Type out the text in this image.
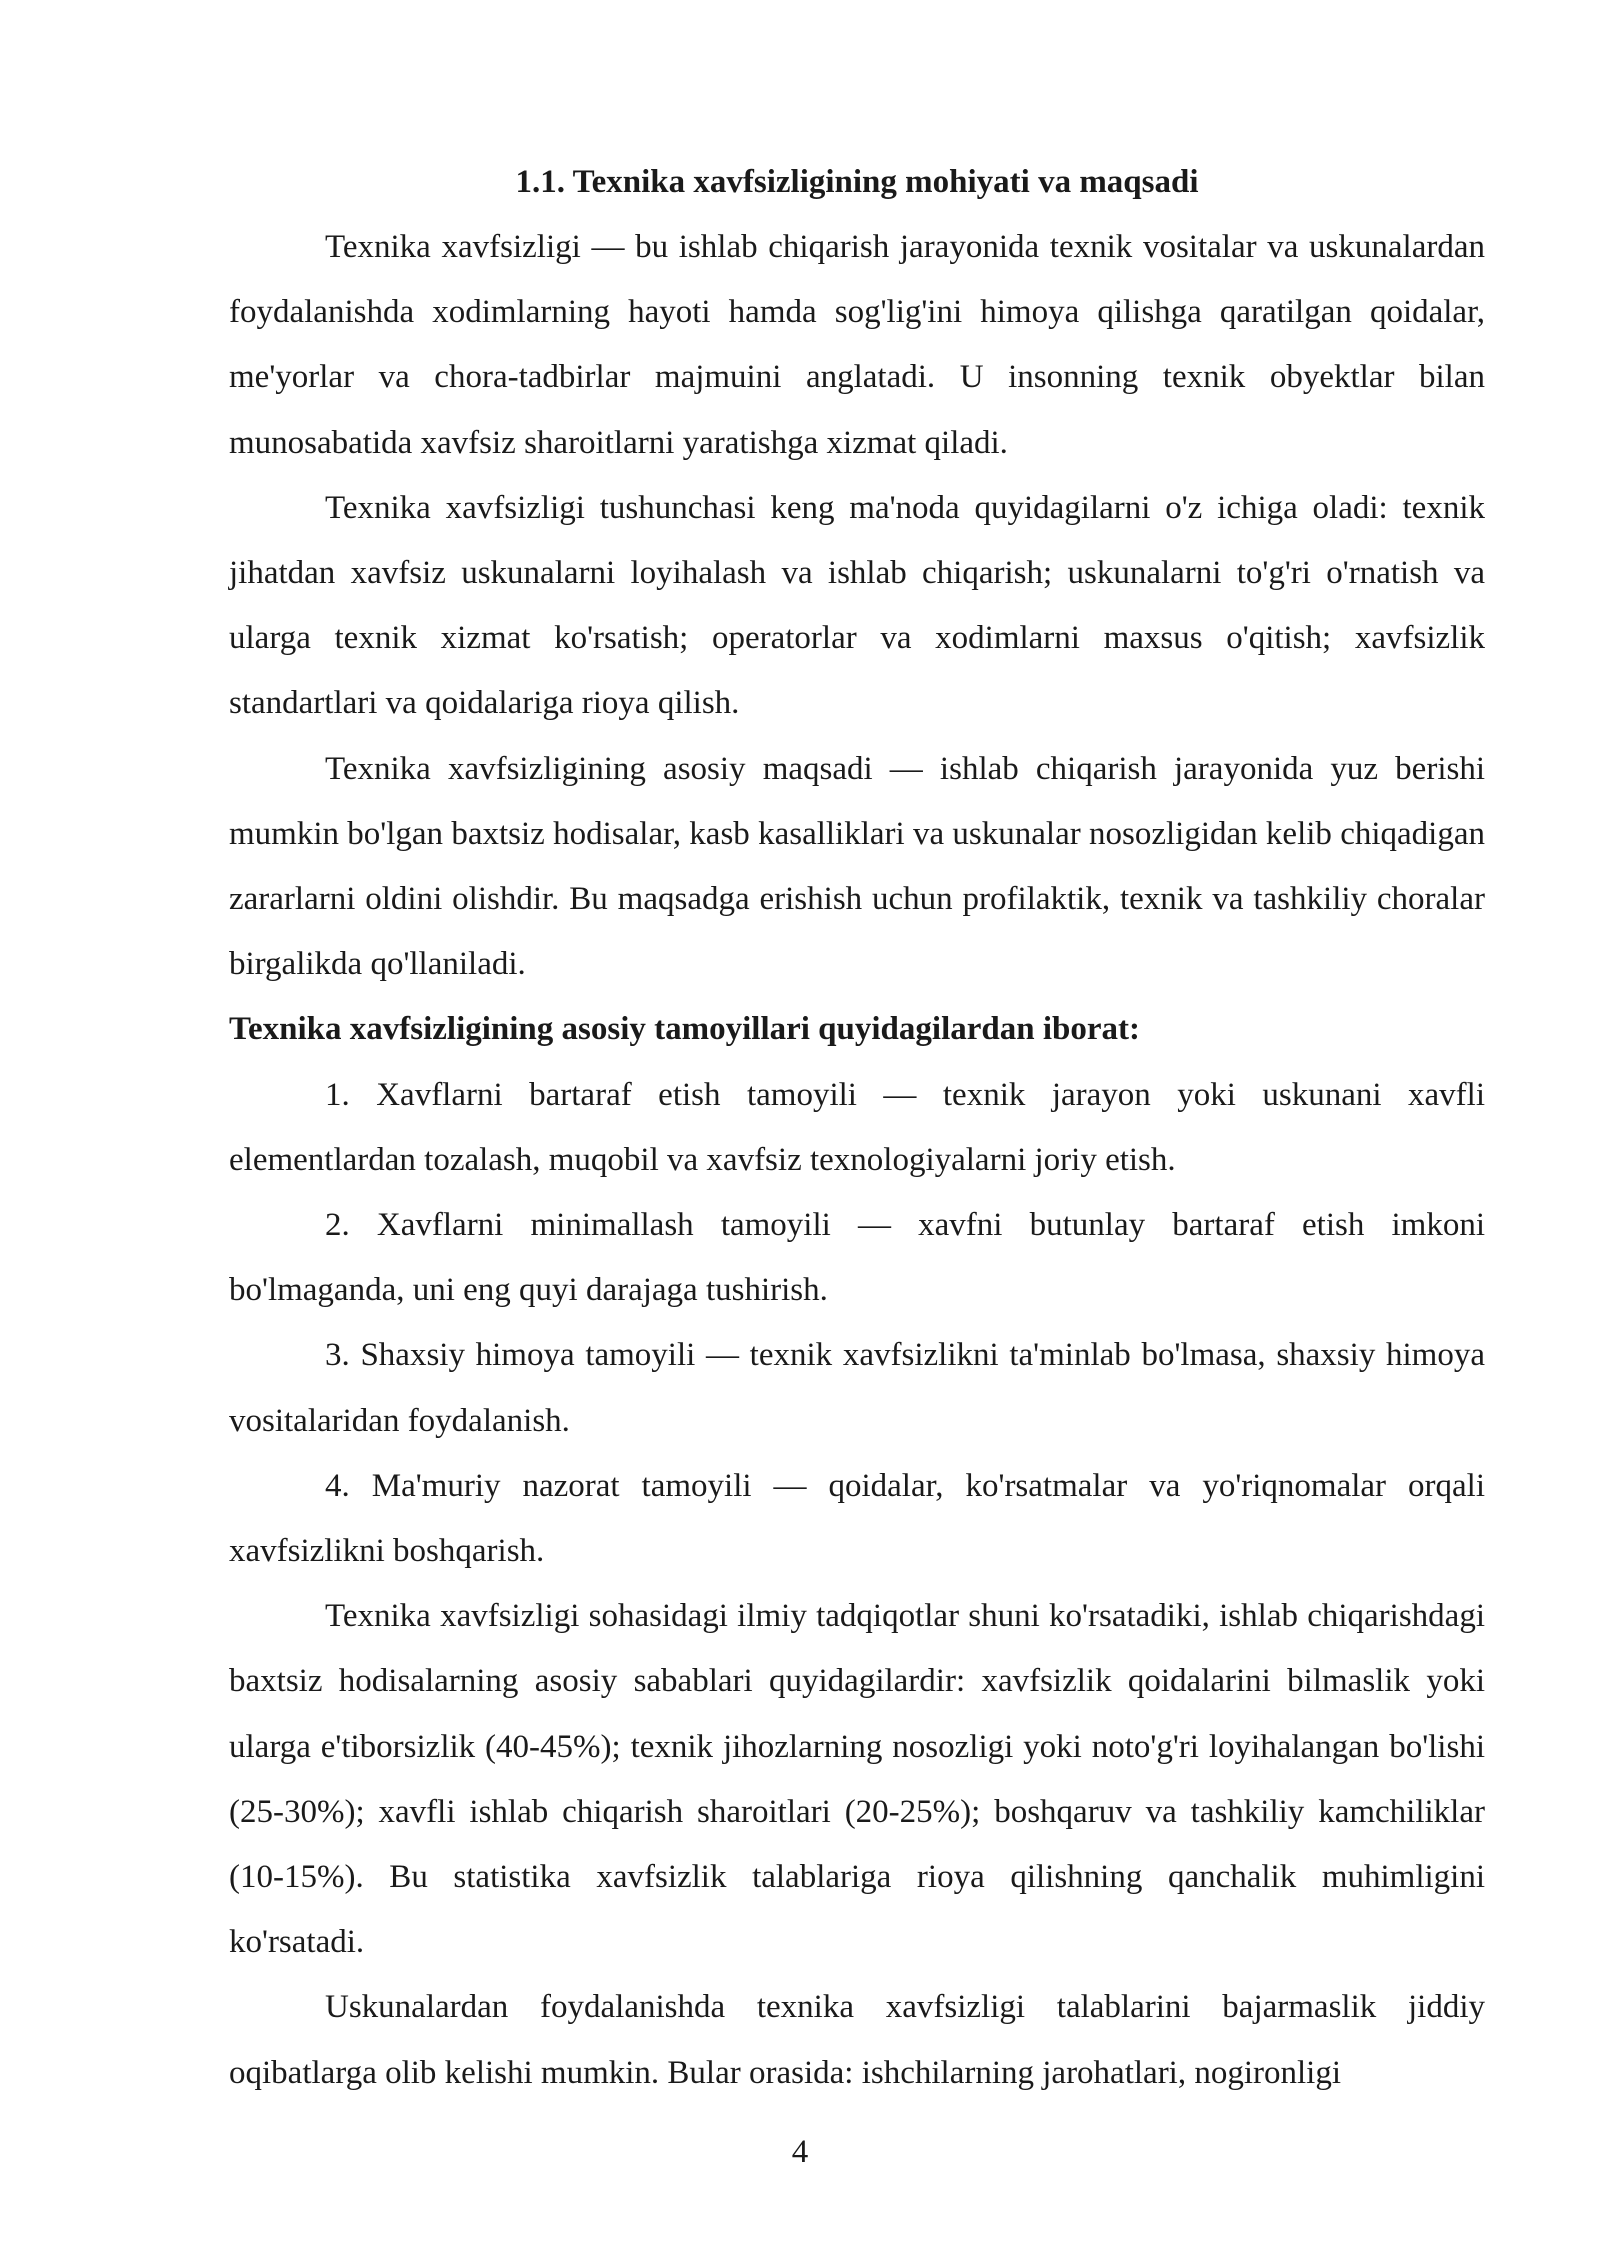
1.1. Texnika xavfsizligining mohiyati va maqsadi

Texnika xavfsizligi — bu ishlab chiqarish jarayonida texnik vositalar va uskunalardan foydalanishda xodimlarning hayoti hamda sog'lig'ini himoya qilishga qaratilgan qoidalar, me'yorlar va chora-tadbirlar majmuini anglatadi. U insonning texnik obyektlar bilan munosabatida xavfsiz sharoitlarni yaratishga xizmat qiladi.

Texnika xavfsizligi tushunchasi keng ma'noda quyidagilarni o'z ichiga oladi: texnik jihatdan xavfsiz uskunalarni loyihalash va ishlab chiqarish; uskunalarni to'g'ri o'rnatish va ularga texnik xizmat ko'rsatish; operatorlar va xodimlarni maxsus o'qitish; xavfsizlik standartlari va qoidalariga rioya qilish.

Texnika xavfsizligining asosiy maqsadi — ishlab chiqarish jarayonida yuz berishi mumkin bo'lgan baxtsiz hodisalar, kasb kasalliklari va uskunalar nosozligidan kelib chiqadigan zararlarni oldini olishdir. Bu maqsadga erishish uchun profilaktik, texnik va tashkiliy choralar birgalikda qo'llaniladi.

Texnika xavfsizligining asosiy tamoyillari quyidagilardan iborat:

1. Xavflarni bartaraf etish tamoyili — texnik jarayon yoki uskunani xavfli elementlardan tozalash, muqobil va xavfsiz texnologiyalarni joriy etish.

2. Xavflarni minimallash tamoyili — xavfni butunlay bartaraf etish imkoni bo'lmaganda, uni eng quyi darajaga tushirish.

3. Shaxsiy himoya tamoyili — texnik xavfsizlikni ta'minlab bo'lmasa, shaxsiy himoya vositalaridan foydalanish.

4. Ma'muriy nazorat tamoyili — qoidalar, ko'rsatmalar va yo'riqnomalar orqali xavfsizlikni boshqarish.

Texnika xavfsizligi sohasidagi ilmiy tadqiqotlar shuni ko'rsatadiki, ishlab chiqarishdagi baxtsiz hodisalarning asosiy sabablari quyidagilardir: xavfsizlik qoidalarini bilmaslik yoki ularga e'tiborsizlik (40-45%); texnik jihozlarning nosozligi yoki noto'g'ri loyihalangan bo'lishi (25-30%); xavfli ishlab chiqarish sharoitlari (20-25%); boshqaruv va tashkiliy kamchiliklar (10-15%). Bu statistika xavfsizlik talablariga rioya qilishning qanchalik muhimligini ko'rsatadi.

Uskunalardan foydalanishda texnika xavfsizligi talablarini bajarmaslik jiddiy oqibatlarga olib kelishi mumkin. Bular orasida: ishchilarning jarohatlari, nogironligi

4
